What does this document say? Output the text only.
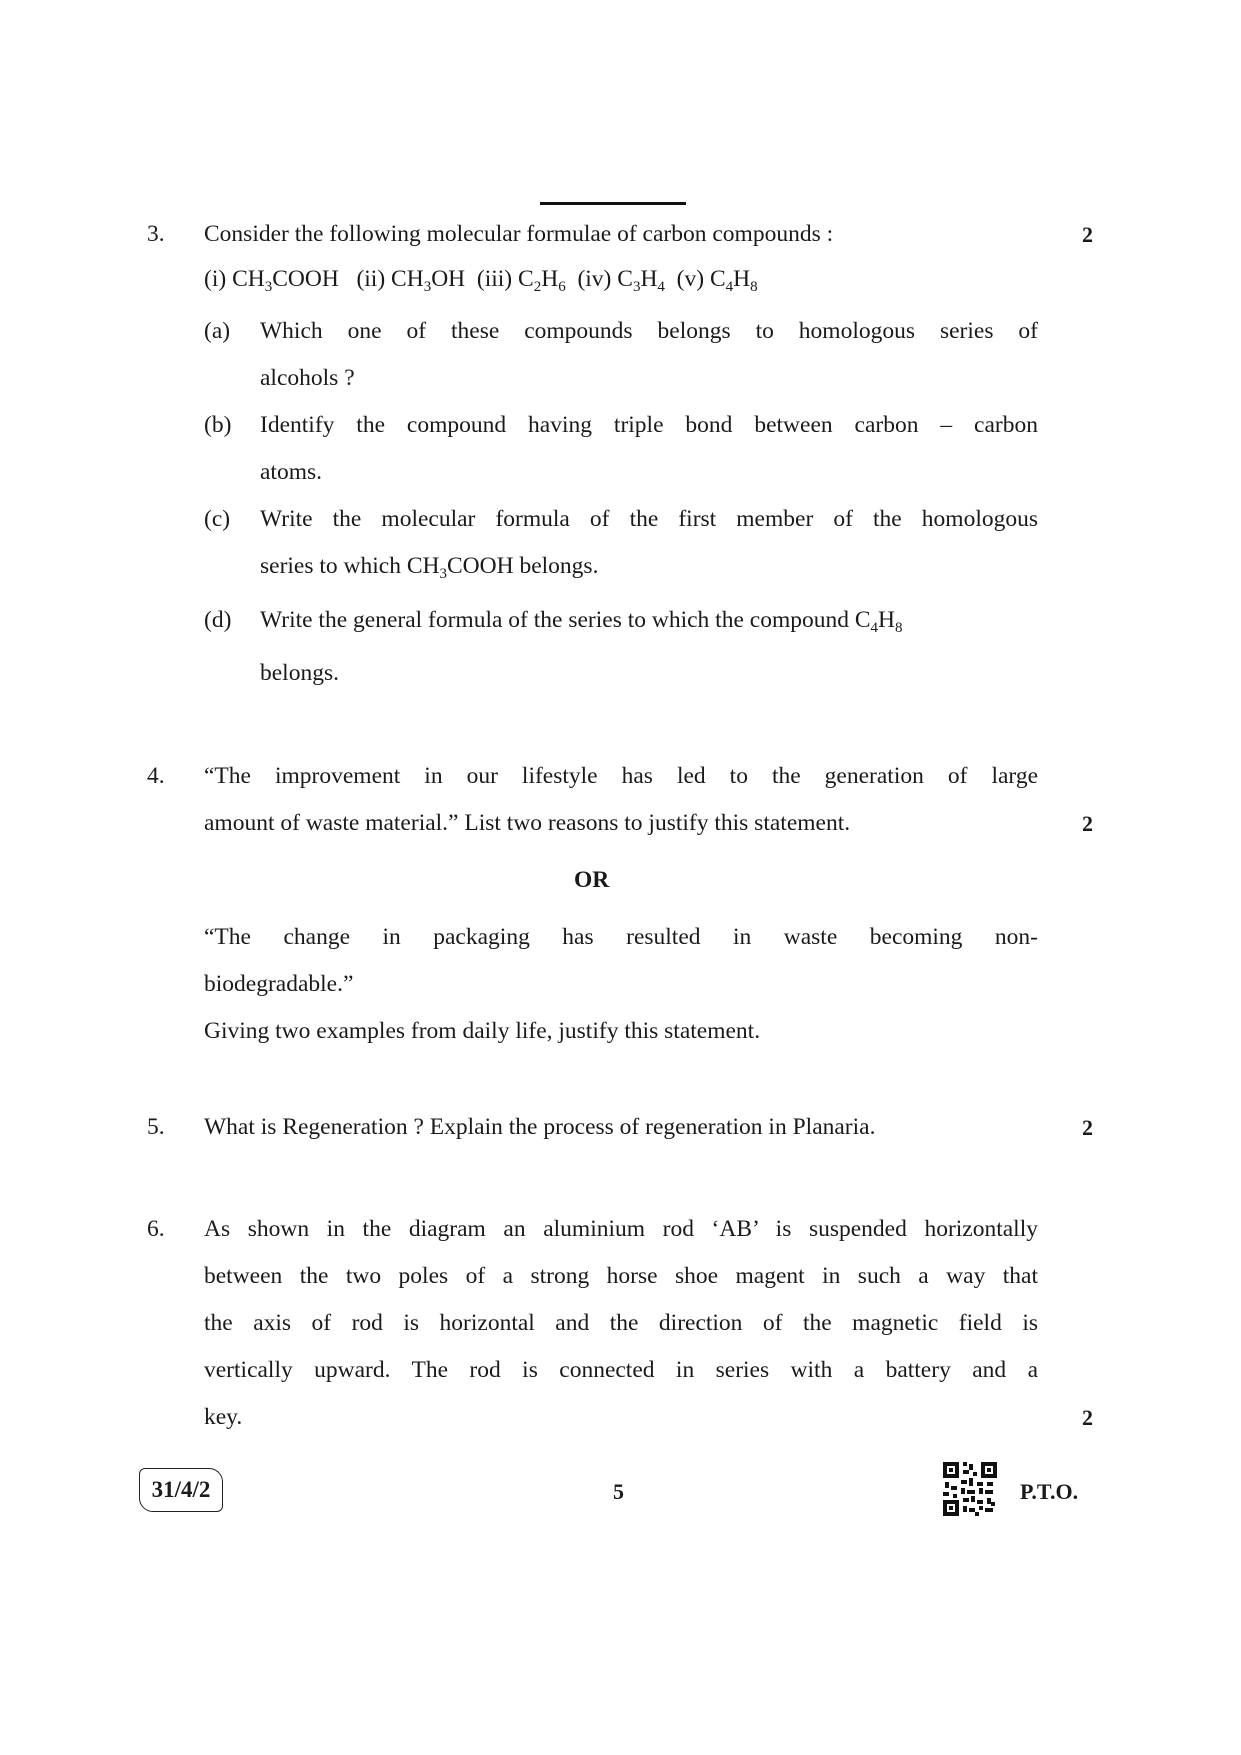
3. Consider the following molecular formulae of carbon compounds :	2
(i) $CH_3COOH$ (ii) $CH_3OH$ (iii) $C_2H_6$ (iv) $C_3H_4$ (v) $C_4H_8$
(a) Which one of these compounds belongs to homologous series of
alcohols ?
(b) Identify the compound having triple bond between carbon – carbon
atoms.
(c) Write the molecular formula of the first member of the homologous
series to which $CH_3COOH$ belongs.
(d) Write the general formula of the series to which the compound $C_4H_8$
belongs.
4. “The improvement in our lifestyle has led to the generation of large
amount of waste material.” List two reasons to justify this statement.	2
OR
“The change in packaging has resulted in waste becoming non-
biodegradable.”
Giving two examples from daily life, justify this statement.
5. What is Regeneration ? Explain the process of regeneration in Planaria.	2
6. As shown in the diagram an aluminium rod ‘AB’ is suspended horizontally
between the two poles of a strong horse shoe magent in such a way that
the axis of rod is horizontal and the direction of the magnetic field is
vertically upward. The rod is connected in series with a battery and a
key.	2
31/4/2	5	P.T.O.
